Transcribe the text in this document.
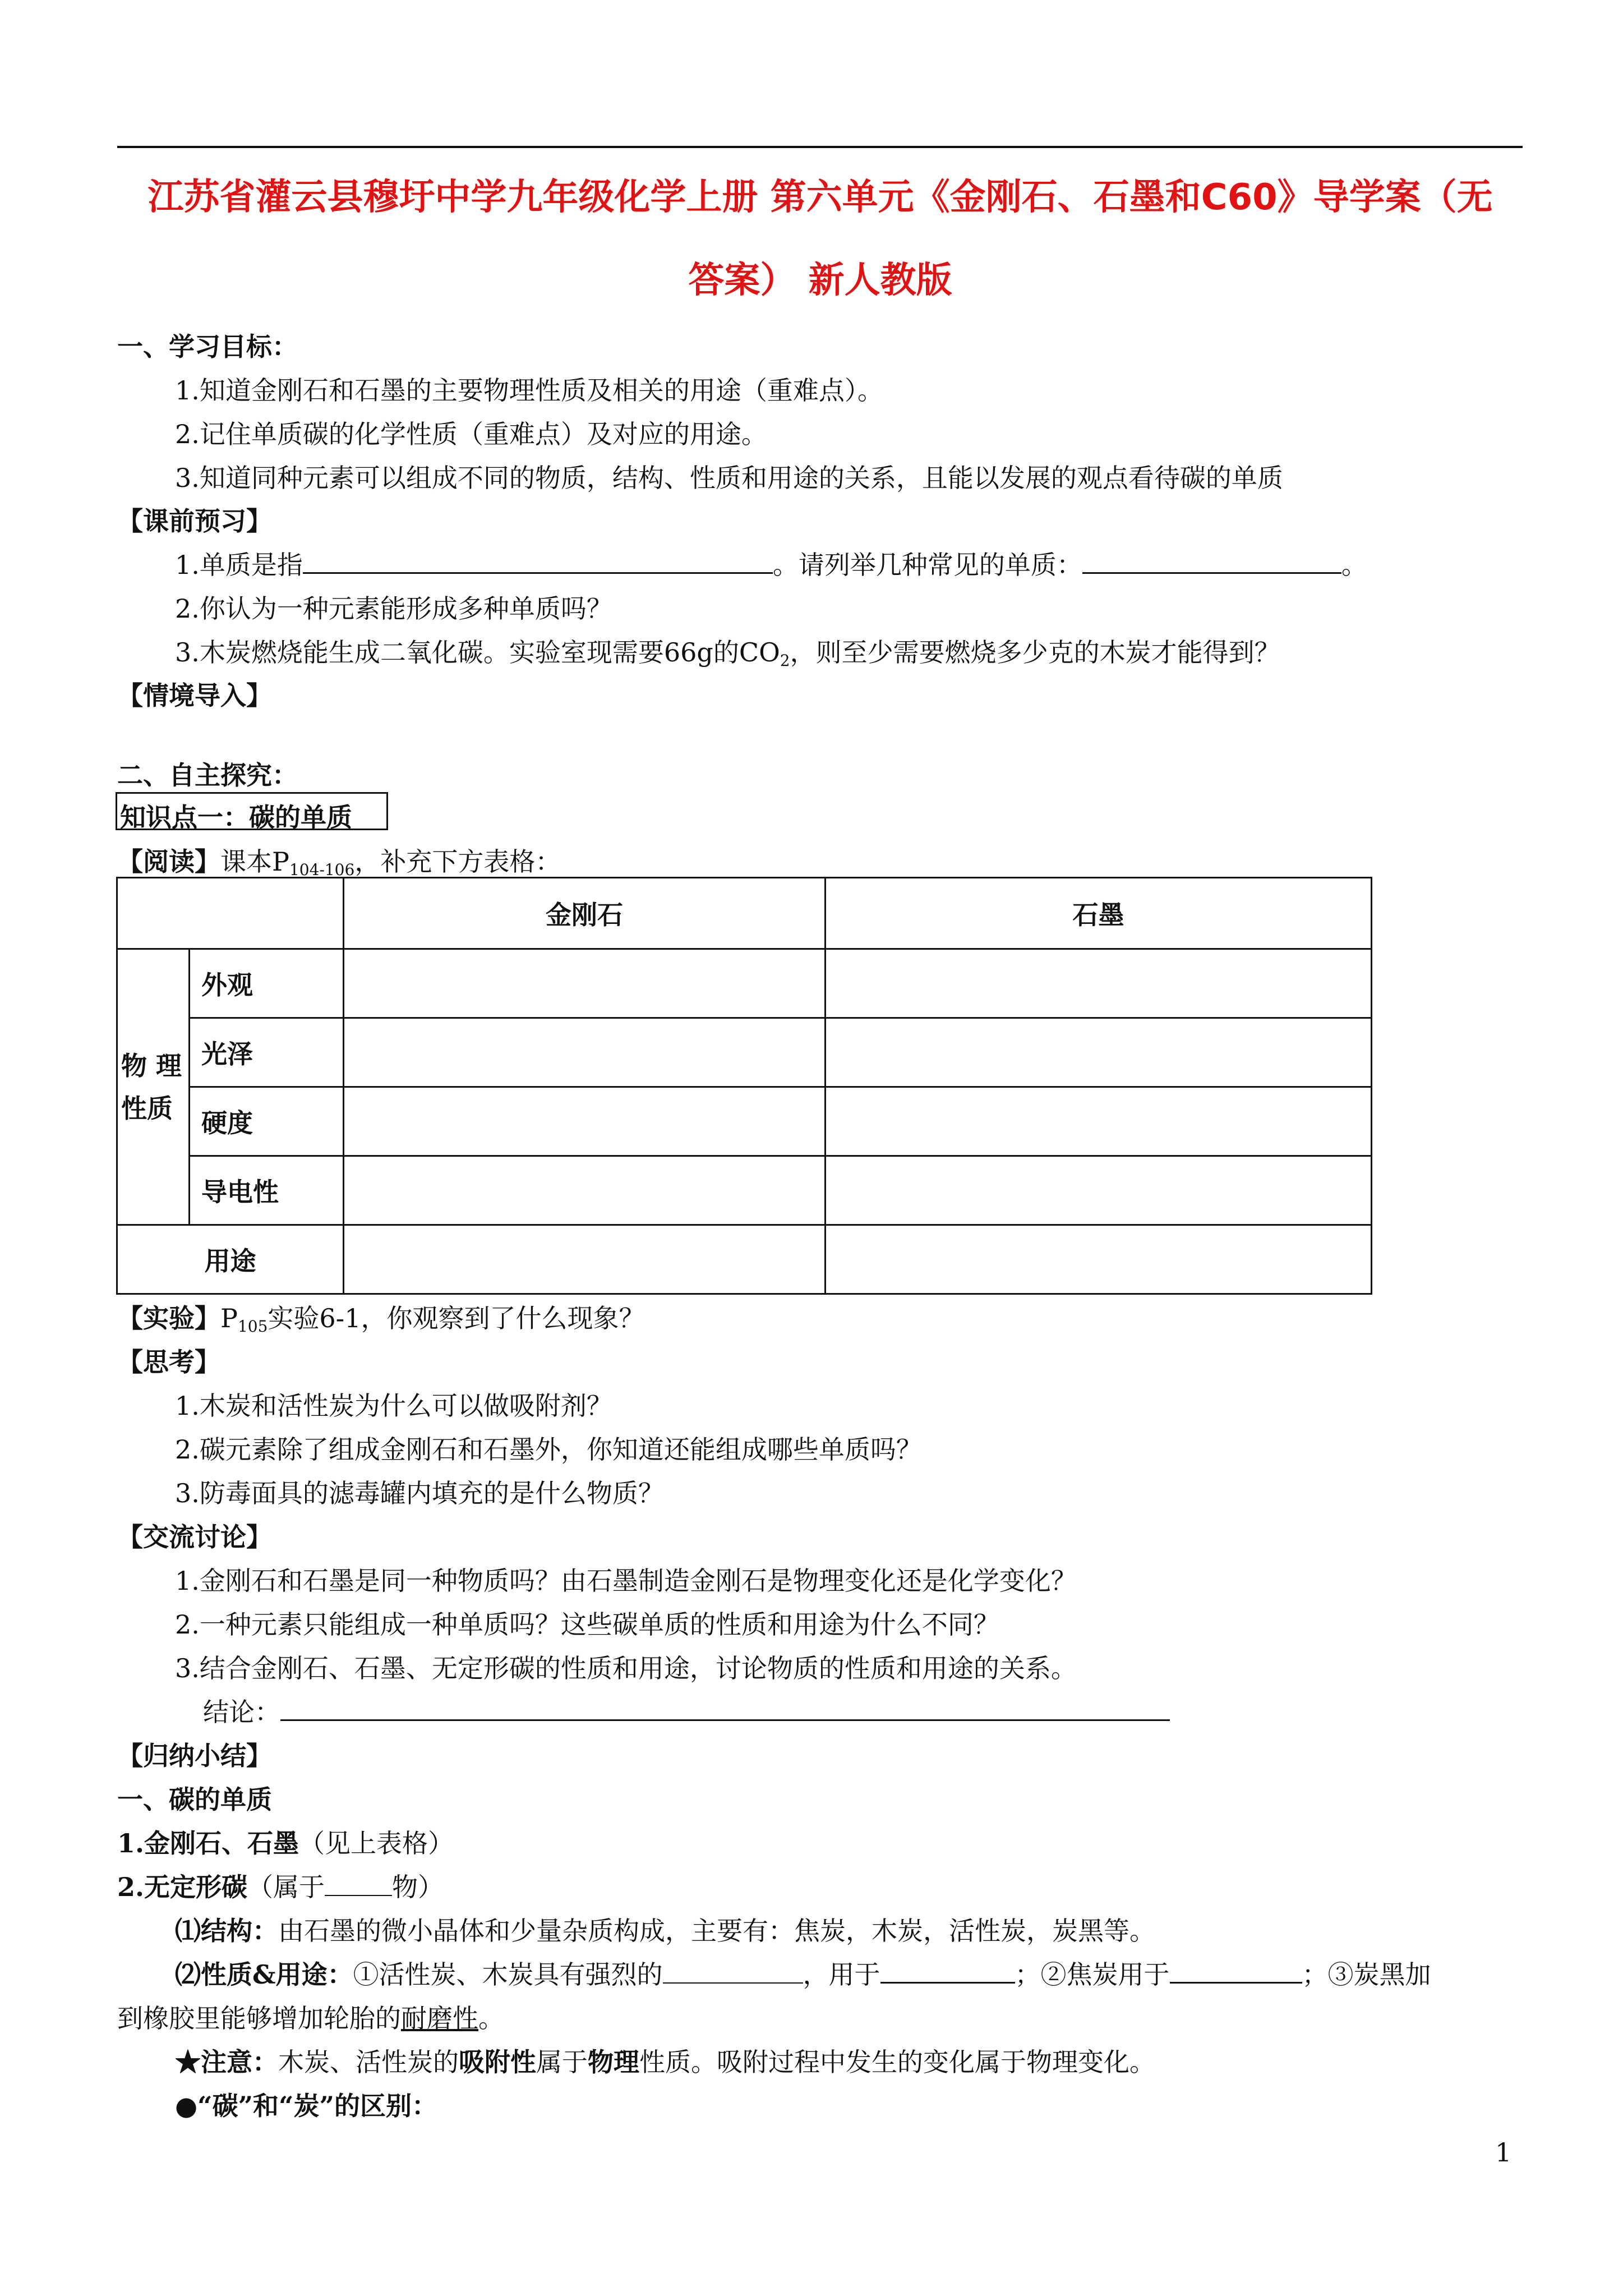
江苏省灌云县穆圩中学九年级化学上册 第六单元《金刚石、石墨和C60》导学案（无
答案） 新人教版
一、学习目标：
1.知道金刚石和石墨的主要物理性质及相关的用途（重难点）。
2.记住单质碳的化学性质（重难点）及对应的用途。
3.知道同种元素可以组成不同的物质，结构、性质和用途的关系，且能以发展的观点看待碳的单质
【课前预习】
1.单质是指	。请列举几种常见的单质：	。
2.你认为一种元素能形成多种单质吗？
3.木炭燃烧能生成二氧化碳。实验室现需要66g的$CO_2$，则至少需要燃烧多少克的木炭才能得到？
【情境导入】
二、自主探究：
知识点一：碳的单质
【阅读】课本$P_{104-106}$，补充下方表格：
		金刚石	石墨

物 理
性质	外观		
	光泽		
	硬度		
	导电性		
用途			
【实验】$P_{105}$实验6-1，你观察到了什么现象？
【思考】
1.木炭和活性炭为什么可以做吸附剂？
2.碳元素除了组成金刚石和石墨外，你知道还能组成哪些单质吗？
3.防毒面具的滤毒罐内填充的是什么物质？
【交流讨论】
1.金刚石和石墨是同一种物质吗？由石墨制造金刚石是物理变化还是化学变化？
2.一种元素只能组成一种单质吗？这些碳单质的性质和用途为什么不同？
3.结合金刚石、石墨、无定形碳的性质和用途，讨论物质的性质和用途的关系。
结论：
【归纳小结】
一、碳的单质
1.金刚石、石墨（见上表格）
2.无定形碳（属于	物）
⑴结构：由石墨的微小晶体和少量杂质构成，主要有：焦炭，木炭，活性炭，炭黑等。
⑵性质&用途：①活性炭、木炭具有强烈的	，用于	；②焦炭用于	；③炭黑加
到橡胶里能够增加轮胎的耐磨性。
★注意：木炭、活性炭的吸附性属于物理性质。吸附过程中发生的变化属于物理变化。
●“碳”和“炭”的区别：
1
